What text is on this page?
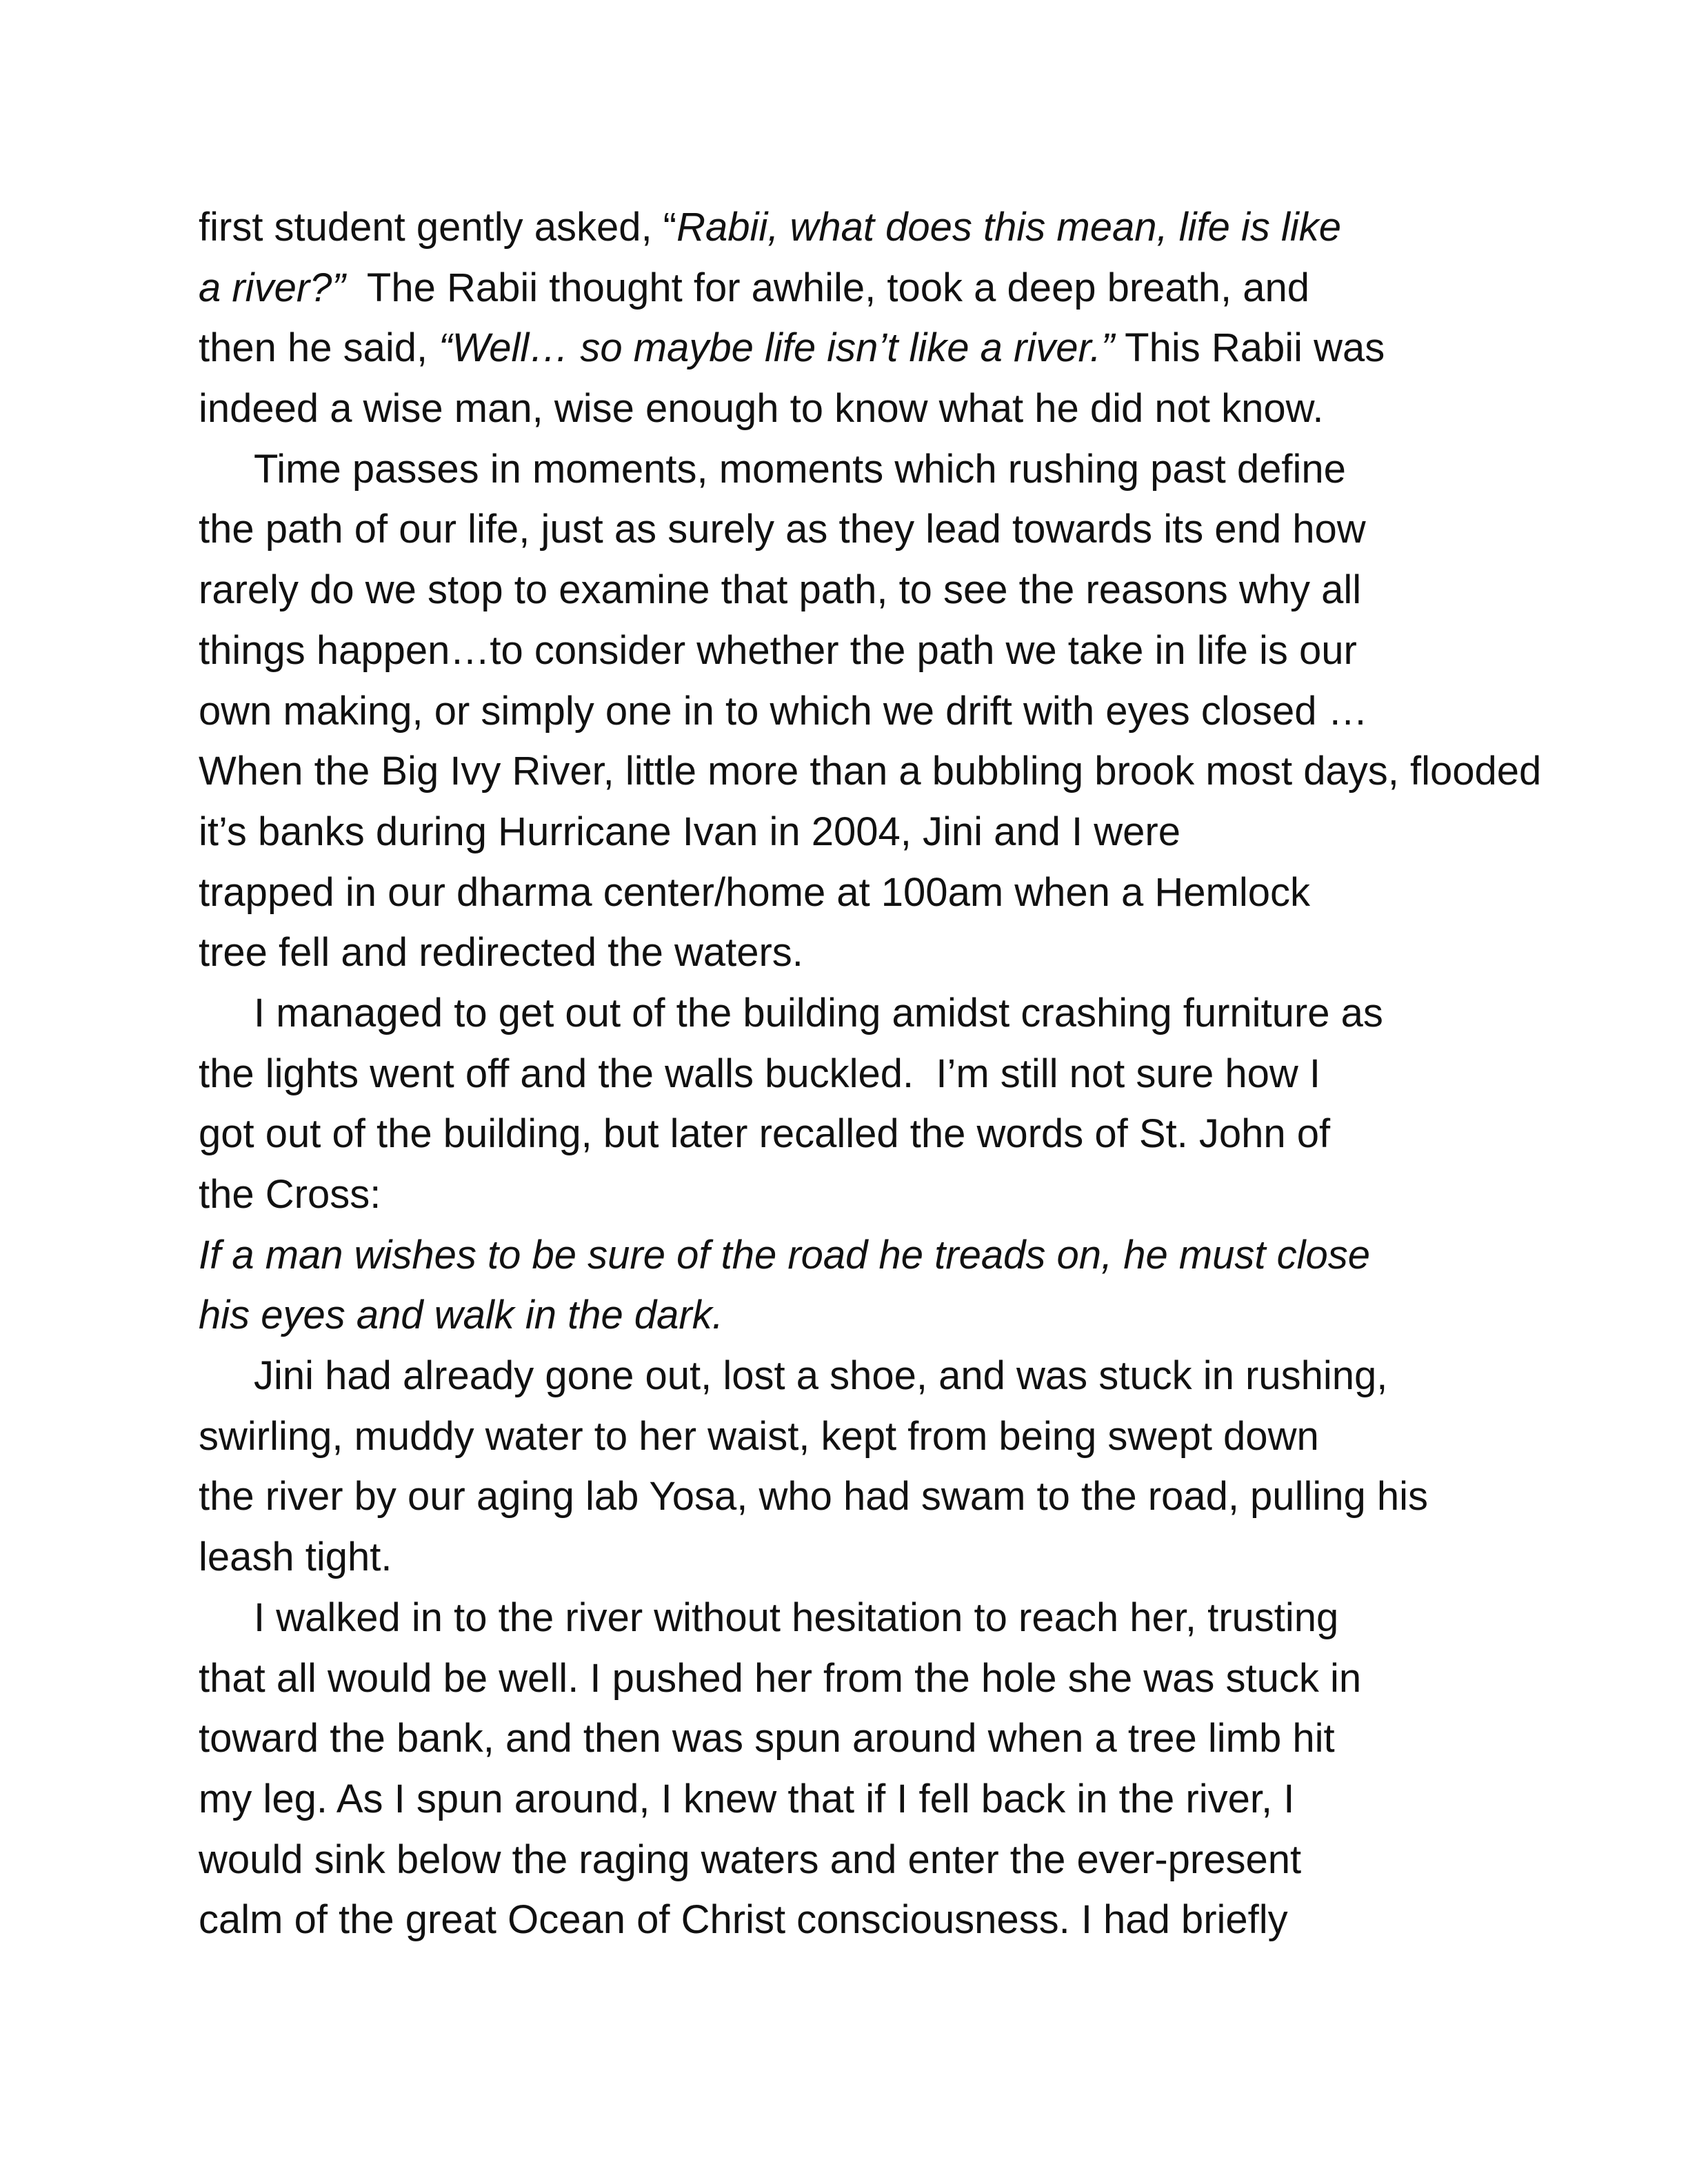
first student gently asked, “Rabii, what does this mean, life is like
a river?”  The Rabii thought for awhile, took a deep breath, and
then he said, “Well… so maybe life isn’t like a river.” This Rabii was
indeed a wise man, wise enough to know what he did not know.
Time passes in moments, moments which rushing past define
the path of our life, just as surely as they lead towards its end how
rarely do we stop to examine that path, to see the reasons why all
things happen…to consider whether the path we take in life is our
own making, or simply one in to which we drift with eyes closed …
When the Big Ivy River, little more than a bubbling brook most days, flooded
it’s banks during Hurricane Ivan in 2004, Jini and I were
trapped in our dharma center/home at 100am when a Hemlock
tree fell and redirected the waters.
I managed to get out of the building amidst crashing furniture as
the lights went off and the walls buckled.  I’m still not sure how I
got out of the building, but later recalled the words of St. John of
the Cross:
If a man wishes to be sure of the road he treads on, he must close
his eyes and walk in the dark.
Jini had already gone out, lost a shoe, and was stuck in rushing,
swirling, muddy water to her waist, kept from being swept down
the river by our aging lab Yosa, who had swam to the road, pulling his
leash tight.
I walked in to the river without hesitation to reach her, trusting
that all would be well. I pushed her from the hole she was stuck in
toward the bank, and then was spun around when a tree limb hit
my leg. As I spun around, I knew that if I fell back in the river, I
would sink below the raging waters and enter the ever-present
calm of the great Ocean of Christ consciousness. I had briefly
